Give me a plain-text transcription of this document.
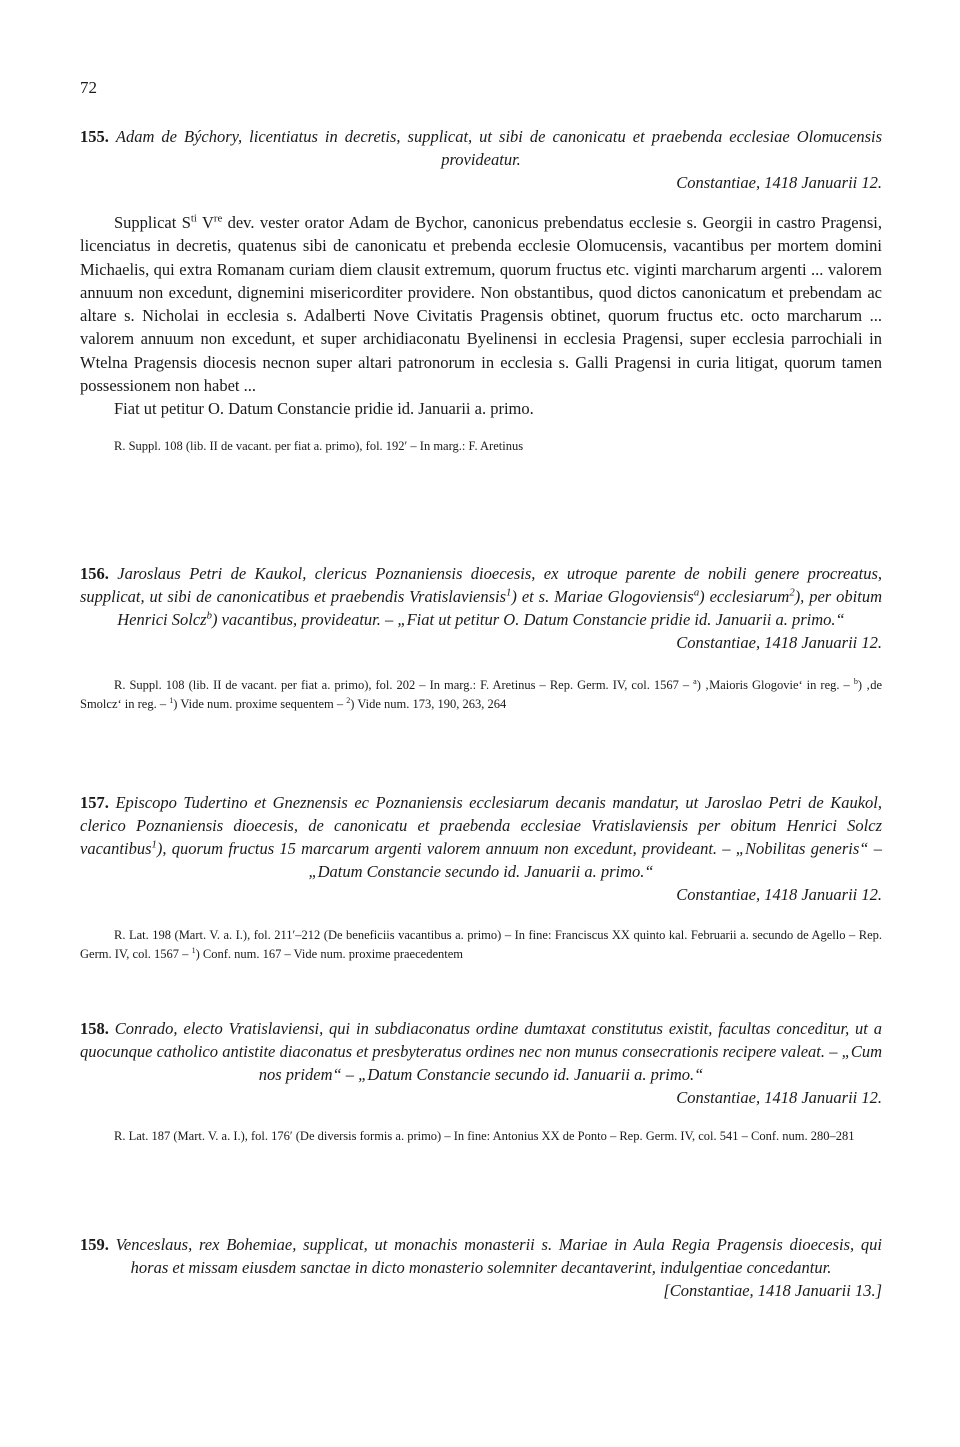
72
155. Adam de Býchory, licentiatus in decretis, supplicat, ut sibi de canonicatu et praebenda ecclesiae Olomucensis provideatur.
Constantiae, 1418 Januarii 12.

Supplicat $S^{ti}$ Vre dev. vester orator Adam de Bychor, canonicus prebendatus ecclesie s. Georgii in castro Pragensi, licenciatus in decretis, quatenus sibi de canonicatu et prebenda ecclesie Olomucensis, vacantibus per mortem domini Michaelis, qui extra Romanam curiam diem clausit extremum, quorum fructus etc. viginti marcharum argenti ... valorem annuum non excedunt, dignemini misericorditer providere. Non obstantibus, quod dictos canonicatum et prebendam ac altare s. Nicholai in ecclesia s. Adalberti Nove Civitatis Pragensis obtinet, quorum fructus etc. octo marcharum ... valorem annuum non excedunt, et super archidiaconatu Byelinensi in ecclesia Pragensi, super ecclesia parrochiali in Wtelna Pragensis diocesis necnon super altari patronorum in ecclesia s. Galli Pragensi in curia litigat, quorum tamen possessionem non habet ...

Fiat ut petitur O. Datum Constancie pridie id. Januarii a. primo.

R. Suppl. 108 (lib. II de vacant. per fiat a. primo), fol. 192′ – In marg.: F. Aretinus

156. Jaroslaus Petri de Kaukol, clericus Poznaniensis dioecesis, ex utroque parente de nobili genere procreatus, supplicat, ut sibi de canonicatibus et praebendis Vratislaviensis$^1$) et s. Mariae Glogoviensis$^a$) ecclesiarum$^2$), per obitum Henrici Solcz$^b$) vacantibus, provideatur. – „Fiat ut petitur O. Datum Constancie pridie id. Januarii a. primo.“
Constantiae, 1418 Januarii 12.

R. Suppl. 108 (lib. II de vacant. per fiat a. primo), fol. 202 – In marg.: F. Aretinus – Rep. Germ. IV, col. 1567 – $^a$) ‚Maioris Glogovie‘ in reg. – $^b$) ‚de Smolcz‘ in reg. – $^1$) Vide num. proxime sequentem – $^2$) Vide num. 173, 190, 263, 264

157. Episcopo Tudertino et Gneznensis ec Poznaniensis ecclesiarum decanis mandatur, ut Jaroslao Petri de Kaukol, clerico Poznaniensis dioecesis, de canonicatu et praebenda ecclesiae Vratislaviensis per obitum Henrici Solcz vacantibus$^1$), quorum fructus 15 marcarum argenti valorem annuum non excedunt, provideant. – „Nobilitas generis“ – „Datum Constancie secundo id. Januarii a. primo.“
Constantiae, 1418 Januarii 12.

R. Lat. 198 (Mart. V. a. I.), fol. 211′–212 (De beneficiis vacantibus a. primo) – In fine: Franciscus XX quinto kal. Februarii a. secundo de Agello – Rep. Germ. IV, col. 1567 – $^1$) Conf. num. 167 – Vide num. proxime praecedentem

158. Conrado, electo Vratislaviensi, qui in subdiaconatus ordine dumtaxat constitutus existit, facultas conceditur, ut a quocunque catholico antistite diaconatus et presbyteratus ordines nec non munus consecrationis recipere valeat. – „Cum nos pridem“ – „Datum Constancie secundo id. Januarii a. primo.“
Constantiae, 1418 Januarii 12.

R. Lat. 187 (Mart. V. a. I.), fol. 176′ (De diversis formis a. primo) – In fine: Antonius XX de Ponto – Rep. Germ. IV, col. 541 – Conf. num. 280–281

159. Venceslaus, rex Bohemiae, supplicat, ut monachis monasterii s. Mariae in Aula Regia Pragensis dioecesis, qui horas et missam eiusdem sanctae in dicto monasterio solemniter decantaverint, indulgentiae concedantur.
[Constantiae, 1418 Januarii 13.]
